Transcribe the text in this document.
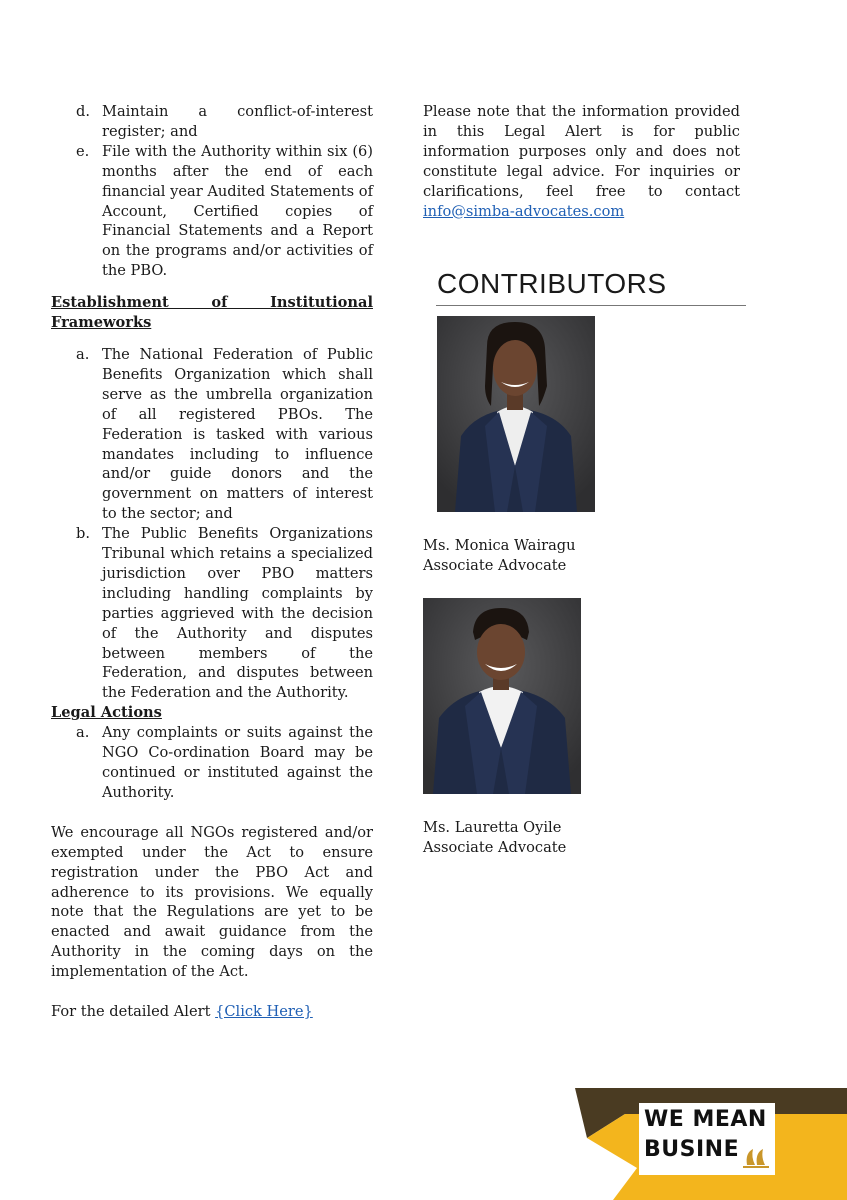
d. Maintain a conflict-of-interest register; and
e. File with the Authority within six (6) months after the end of each financial year Audited Statements of Account, Certified copies of Financial Statements and a Report on the programs and/or activities of the PBO.
Establishment of Institutional Frameworks
a. The National Federation of Public Benefits Organization which shall serve as the umbrella organization of all registered PBOs. The Federation is tasked with various mandates including to influence and/or guide donors and the government on matters of interest to the sector; and
b. The Public Benefits Organizations Tribunal which retains a specialized jurisdiction over PBO matters including handling complaints by parties aggrieved with the decision of the Authority and disputes between members of the Federation, and disputes between the Federation and the Authority.
Legal Actions
a. Any complaints or suits against the NGO Co-ordination Board may be continued or instituted against the Authority.

We encourage all NGOs registered and/or exempted under the Act to ensure registration under the PBO Act and adherence to its provisions. We equally note that the Regulations are yet to be enacted and await guidance from the Authority in the coming days on the implementation of the Act.

For the detailed Alert {Click Here}

Please note that the information provided in this Legal Alert is for public information purposes only and does not constitute legal advice. For inquiries or clarifications, feel free to contact info@simba-advocates.com

CONTRIBUTORS
Ms. Monica Wairagu
Associate Advocate
Ms. Lauretta Oyile
Associate Advocate
WE MEAN
BUSINE
